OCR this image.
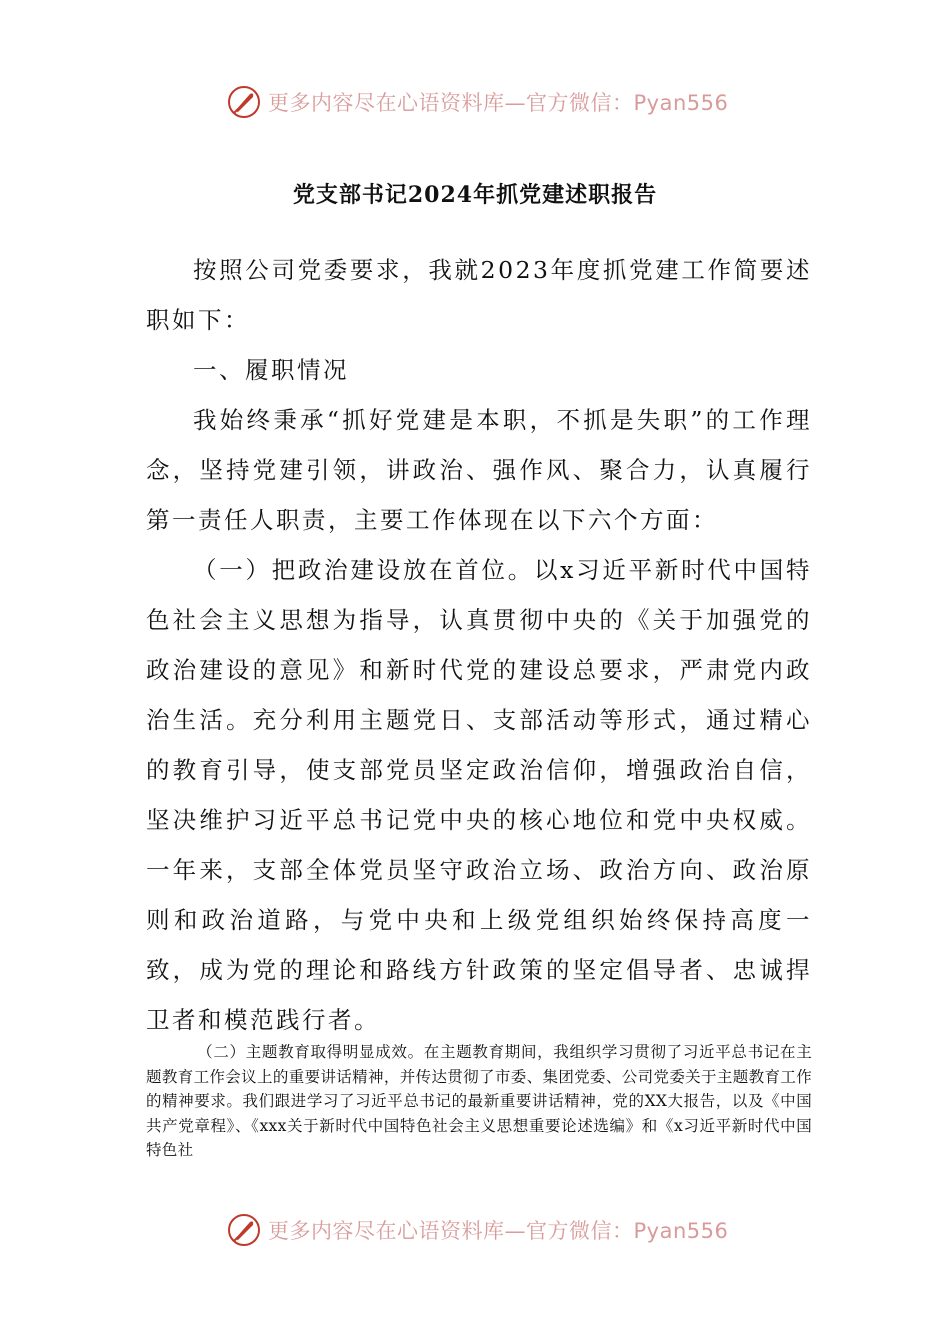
更多内容尽在心语资料库—官方微信：Pyan556
党支部书记2024年抓党建述职报告

按照公司党委要求，我就2023年度抓党建工作简要述职如下：

一、履职情况

我始终秉承“抓好党建是本职，不抓是失职”的工作理念，坚持党建引领，讲政治、强作风、聚合力，认真履行第一责任人职责，主要工作体现在以下六个方面：

（一）把政治建设放在首位。以x习近平新时代中国特色社会主义思想为指导，认真贯彻中央的《关于加强党的政治建设的意见》和新时代党的建设总要求，严肃党内政治生活。充分利用主题党日、支部活动等形式，通过精心的教育引导，使支部党员坚定政治信仰，增强政治自信，坚决维护习近平总书记党中央的核心地位和党中央权威。一年来，支部全体党员坚守政治立场、政治方向、政治原则和政治道路，与党中央和上级党组织始终保持高度一致，成为党的理论和路线方针政策的坚定倡导者、忠诚捍卫者和模范践行者。

（二）主题教育取得明显成效。在主题教育期间，我组织学习贯彻了习近平总书记在主题教育工作会议上的重要讲话精神，并传达贯彻了市委、集团党委、公司党委关于主题教育工作的精神要求。我们跟进学习了习近平总书记的最新重要讲话精神，党的XX大报告，以及《中国共产党章程》、《xxx关于新时代中国特色社会主义思想重要论述选编》和《x习近平新时代中国特色社

更多内容尽在心语资料库—官方微信：Pyan556
